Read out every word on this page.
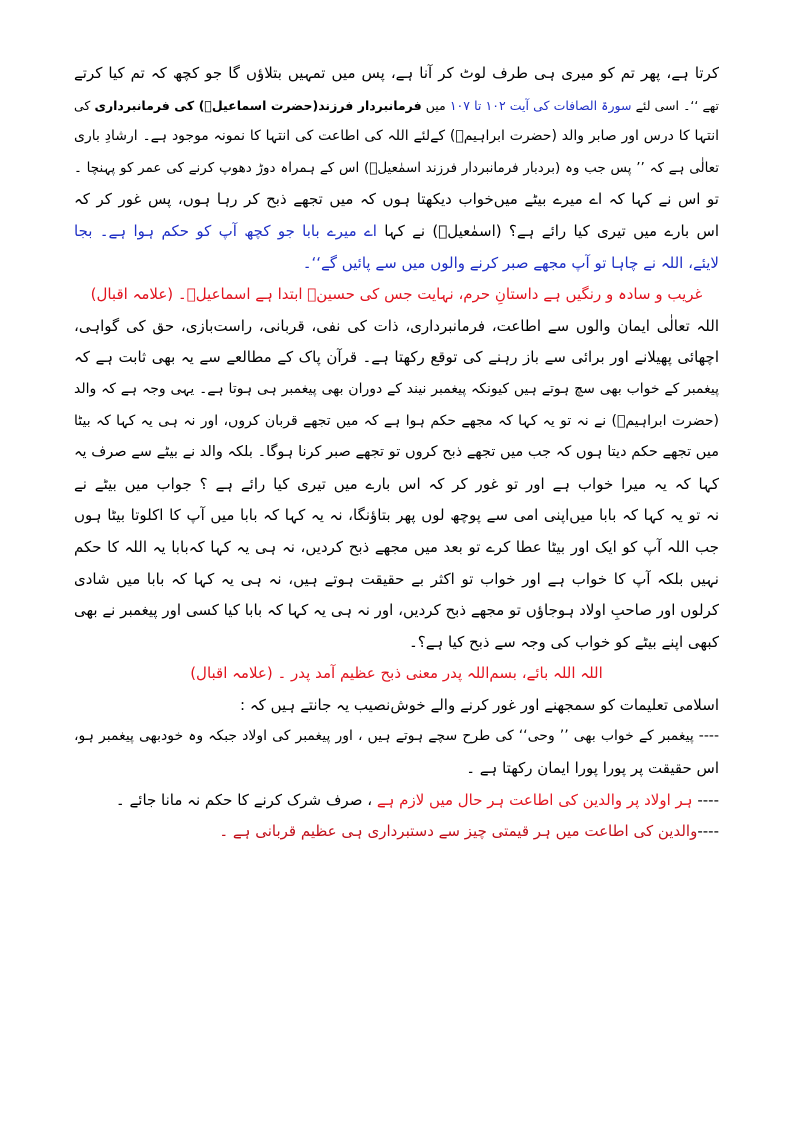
کرتا ہے، پھر تم کو میری ہی طرف لوٹ کر آنا ہے، پس میں تمہیں بتلاؤں گا جو کچھ کہ تم کیا کرتے
تھے ‘‘۔ اسی لئے سورۃ الصافات کی آیت ۱۰۲ تا ۱۰۷ میں فرمانبردار فرزند(حضرت اسماعیلؑ) کی فرمانبرداری کی
انتہا کا درس اور صابر والد (حضرت ابراہیمؑ) کےلئے اللہ کی اطاعت کی انتہا کا نمونہ موجود ہے۔ ارشادِ باری
تعالٰی ہے کہ ’’ پس جب وہ (بردبار فرمانبردار فرزند اسمٰعیلؑ) اس کے ہمراہ دوڑ دھوپ کرنے کی عمر کو پہنچا ۔
تو اس نے کہا کہ اے میرے بیٹے میں‌خواب دیکھتا ہوں کہ میں تجھے ذبح کر رہا ہوں، پس غور کر کہ
اس بارے میں تیری کیا رائے ہے؟ (اسمٰعیلؑ) نے کہا اے میرے بابا جو کچھ آپ کو حکم ہوا ہے۔ بجا
لایئے، اللہ نے چاہا تو آپ مجھے صبر کرنے والوں میں سے پائیں گے‘‘۔
غریب و سادہ و رنگیں ہے داستانِ حرم، نہایت جس کی حسینؑ ابتدا ہے اسماعیلؑ۔ (علامہ اقبال)
اللہ تعالٰی ایمان والوں سے اطاعت، فرمانبرداری، ذات کی نفی، قربانی، راست‌بازی، حق کی گواہی،
اچھائی پھیلانے اور برائی سے باز رہنے کی توقع رکھتا ہے۔ قرآن پاک کے مطالعے سے یہ بھی ثابت ہے کہ
پیغمبر کے خواب بھی سچ ہوتے ہیں کیونکہ پیغمبر نیند کے دوران بھی پیغمبر ہی ہوتا ہے۔ یہی وجہ ہے کہ والد
(حضرت ابراہیمؑ) نے نہ تو یہ کہا کہ مجھے حکم ہوا ہے کہ میں تجھے قربان کروں، اور نہ ہی یہ کہا کہ بیٹا
میں تجھے حکم دیتا ہوں کہ جب میں تجھے ذبح کروں تو تجھے صبر کرنا ہوگا۔ بلکہ والد نے بیٹے سے صرف یہ
کہا کہ یہ میرا خواب ہے اور تو غور کر کہ اس بارے میں تیری کیا رائے ہے ؟ جواب میں بیٹے نے
نہ تو یہ کہا کہ بابا میں‌اپنی امی سے پوچھ لوں پھر بتاؤنگا، نہ یہ کہا کہ بابا میں آپ کا اکلوتا بیٹا ہوں
جب اللہ آپ کو ایک اور بیٹا عطا کرے تو بعد میں مجھے ذبح کردیں، نہ ہی یہ کہا کہ‌بابا یہ اللہ کا حکم
نہیں بلکہ آپ کا خواب ہے اور خواب تو اکثر بے حقیقت ہوتے ہیں، نہ ہی یہ کہا کہ بابا میں شادی
کرلوں اور صاحبِ اولاد ہوجاؤں تو مجھے ذبح کردیں، اور نہ ہی یہ کہا کہ بابا کیا کسی اور پیغمبر نے بھی
کبھی اپنے بیٹے کو خواب کی وجہ سے ذبح کیا ہے؟۔
اللہ اللہ بائے، بسم‌اللہ پدر معنی ذبح عظیم آمد پدر ۔ (علامہ اقبال)
اسلامی تعلیمات کو سمجھنے اور غور کرنے والے خوش‌نصیب یہ جانتے ہیں کہ :
---- پیغمبر کے خواب بھی ’’ وحی‘‘ کی طرح سچے ہوتے ہیں ، اور پیغمبر کی اولاد جبکہ وہ خودبھی پیغمبر ہو،
اس حقیقت پر پورا پورا ایمان رکھتا ہے ۔
---- ہر اولاد پر والدین کی اطاعت ہر حال میں لازم ہے ، صرف شرک کرنے کا حکم نہ مانا جائے ۔
----والدین کی اطاعت میں ہر قیمتی چیز سے دستبرداری ہی عظیم قربانی ہے ۔
